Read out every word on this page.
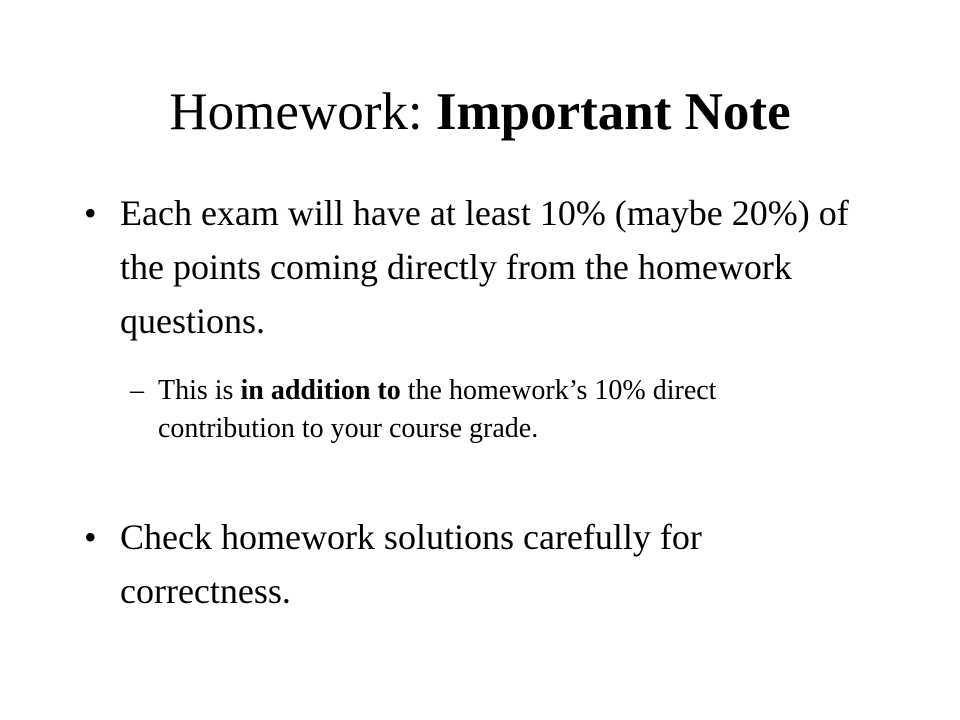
Homework: Important Note
• Each exam will have at least 10% (maybe 20%) of the points coming directly from the homework questions.
– This is in addition to the homework’s 10% direct contribution to your course grade.
• Check homework solutions carefully for correctness.
